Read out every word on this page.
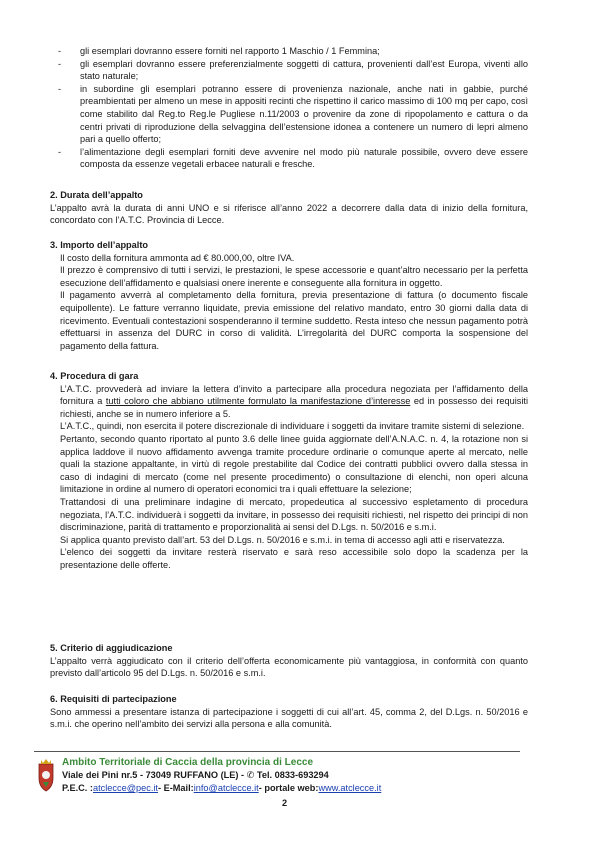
- gli esemplari dovranno essere forniti nel rapporto 1 Maschio / 1 Femmina;
- gli esemplari dovranno essere preferenzialmente soggetti di cattura, provenienti dall’est Europa, viventi allo stato naturale;
- in subordine gli esemplari potranno essere di provenienza nazionale, anche nati in gabbie, purché preambientati per almeno un mese in appositi recinti che rispettino il carico massimo di 100 mq per capo, così come stabilito dal Reg.to Reg.le Pugliese n.11/2003 o provenire da zone di ripopolamento e cattura o da centri privati di riproduzione della selvaggina dell’estensione idonea a contenere un numero di lepri almeno pari a quello offerto;
- l’alimentazione degli esemplari forniti deve avvenire nel modo più naturale possibile, ovvero deve essere composta da essenze vegetali erbacee naturali e fresche.
2. Durata dell’appalto

L’appalto avrà la durata di anni UNO e si riferisce all’anno 2022 a decorrere dalla data di inizio della fornitura, concordato con l’A.T.C. Provincia di Lecce.

3. Importo dell’appalto

Il costo della fornitura ammonta ad € 80.000,00, oltre IVA.

Il prezzo è comprensivo di tutti i servizi, le prestazioni, le spese accessorie e quant’altro necessario per la perfetta esecuzione dell’affidamento e qualsiasi onere inerente e conseguente alla fornitura in oggetto.

Il pagamento avverrà al completamento della fornitura, previa presentazione di fattura (o documento fiscale equipollente). Le fatture verranno liquidate, previa emissione del relativo mandato, entro 30 giorni dalla data di ricevimento. Eventuali contestazioni sospenderanno il termine suddetto. Resta inteso che nessun pagamento potrà effettuarsi in assenza del DURC in corso di validità. L’irregolarità del DURC comporta la sospensione del pagamento della fattura.

4. Procedura di gara

L’A.T.C. provvederà ad inviare la lettera d’invito a partecipare alla procedura negoziata per l’affidamento della fornitura a tutti coloro che abbiano utilmente formulato la manifestazione d’interesse ed in possesso dei requisiti richiesti, anche se in numero inferiore a 5.

L’A.T.C., quindi, non esercita il potere discrezionale di individuare i soggetti da invitare tramite sistemi di selezione.

Pertanto, secondo quanto riportato al punto 3.6 delle linee guida aggiornate dell’A.N.A.C. n. 4, la rotazione non si applica laddove il nuovo affidamento avvenga tramite procedure ordinarie o comunque aperte al mercato, nelle quali la stazione appaltante, in virtù di regole prestabilite dal Codice dei contratti pubblici ovvero dalla stessa in caso di indagini di mercato (come nel presente procedimento) o consultazione di elenchi, non operi alcuna limitazione in ordine al numero di operatori economici tra i quali effettuare la selezione;

Trattandosi di una preliminare indagine di mercato, propedeutica al successivo espletamento di procedura negoziata, l’A.T.C. individuerà i soggetti da invitare, in possesso dei requisiti richiesti, nel rispetto dei principi di non discriminazione, parità di trattamento e proporzionalità ai sensi del D.Lgs. n. 50/2016 e s.m.i.

Si applica quanto previsto dall’art. 53 del D.Lgs. n. 50/2016 e s.m.i. in tema di accesso agli atti e riservatezza.

L’elenco dei soggetti da invitare resterà riservato e sarà reso accessibile solo dopo la scadenza per la presentazione delle offerte.

5. Criterio di aggiudicazione

L’appalto verrà aggiudicato con il criterio dell’offerta economicamente più vantaggiosa, in conformità con quanto previsto dall’articolo 95 del D.Lgs. n. 50/2016 e s.m.i.

6. Requisiti di partecipazione

Sono ammessi a presentare istanza di partecipazione i soggetti di cui all’art. 45, comma 2, del D.Lgs. n. 50/2016 e s.m.i. che operino nell’ambito dei servizi alla persona e alla comunità.

Ambito Territoriale di Caccia della provincia di Lecce
Viale dei Pini nr.5 - 73049 RUFFANO (LE) - ✆ Tel. 0833-693294
P.E.C. :atclecce@pec.it- E-Mail:info@atclecce.it- portale web:www.atclecce.it
2
